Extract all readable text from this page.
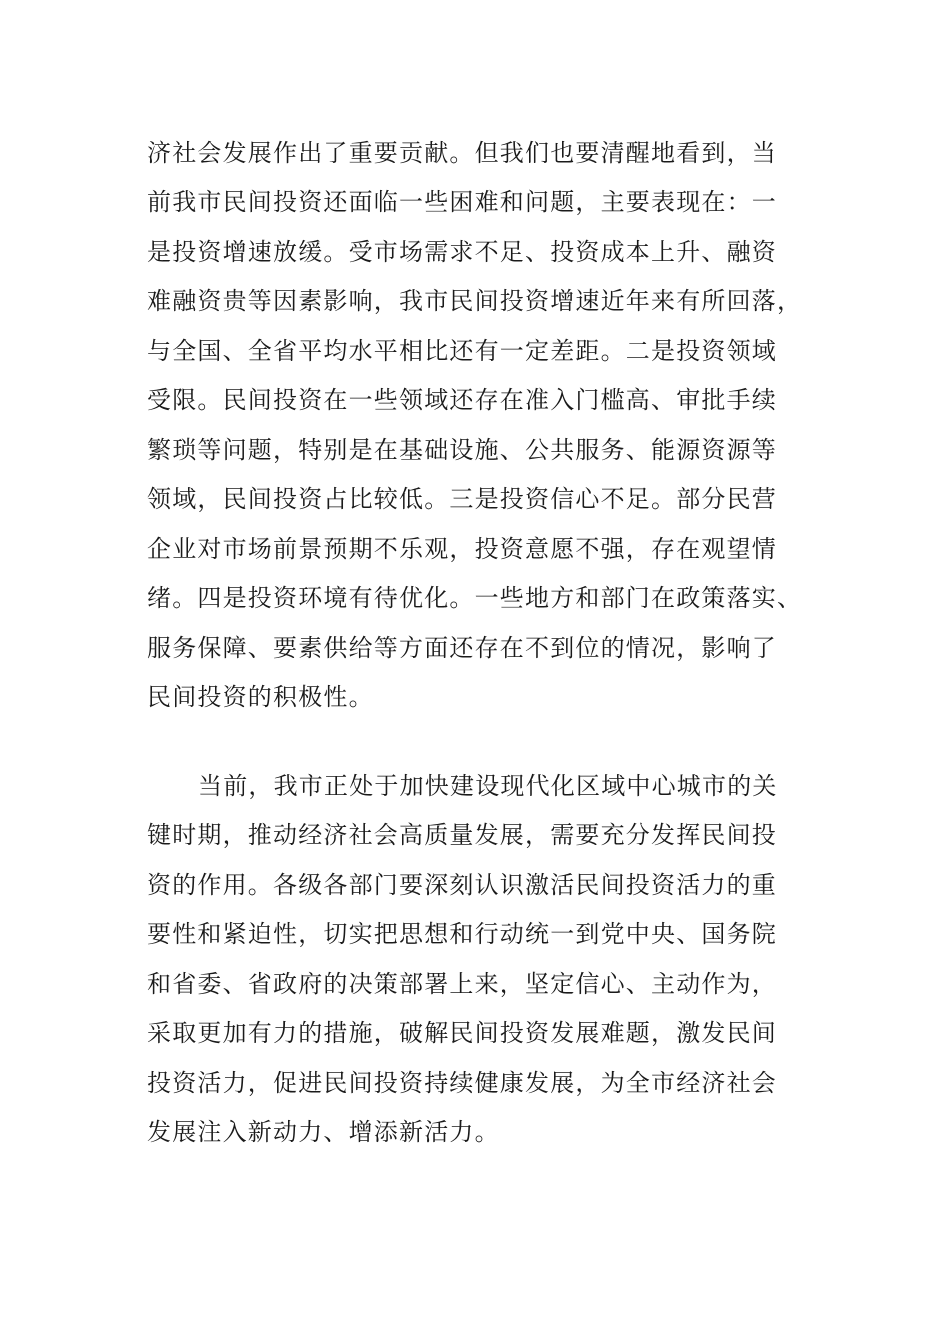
济社会发展作出了重要贡献。但我们也要清醒地看到，当
前我市民间投资还面临一些困难和问题，主要表现在：一
是投资增速放缓。受市场需求不足、投资成本上升、融资
难融资贵等因素影响，我市民间投资增速近年来有所回落，
与全国、全省平均水平相比还有一定差距。二是投资领域
受限。民间投资在一些领域还存在准入门槛高、审批手续
繁琐等问题，特别是在基础设施、公共服务、能源资源等
领域，民间投资占比较低。三是投资信心不足。部分民营
企业对市场前景预期不乐观，投资意愿不强，存在观望情
绪。四是投资环境有待优化。一些地方和部门在政策落实、
服务保障、要素供给等方面还存在不到位的情况，影响了
民间投资的积极性。
当前，我市正处于加快建设现代化区域中心城市的关
键时期，推动经济社会高质量发展，需要充分发挥民间投
资的作用。各级各部门要深刻认识激活民间投资活力的重
要性和紧迫性，切实把思想和行动统一到党中央、国务院
和省委、省政府的决策部署上来，坚定信心、主动作为，
采取更加有力的措施，破解民间投资发展难题，激发民间
投资活力，促进民间投资持续健康发展，为全市经济社会
发展注入新动力、增添新活力。
